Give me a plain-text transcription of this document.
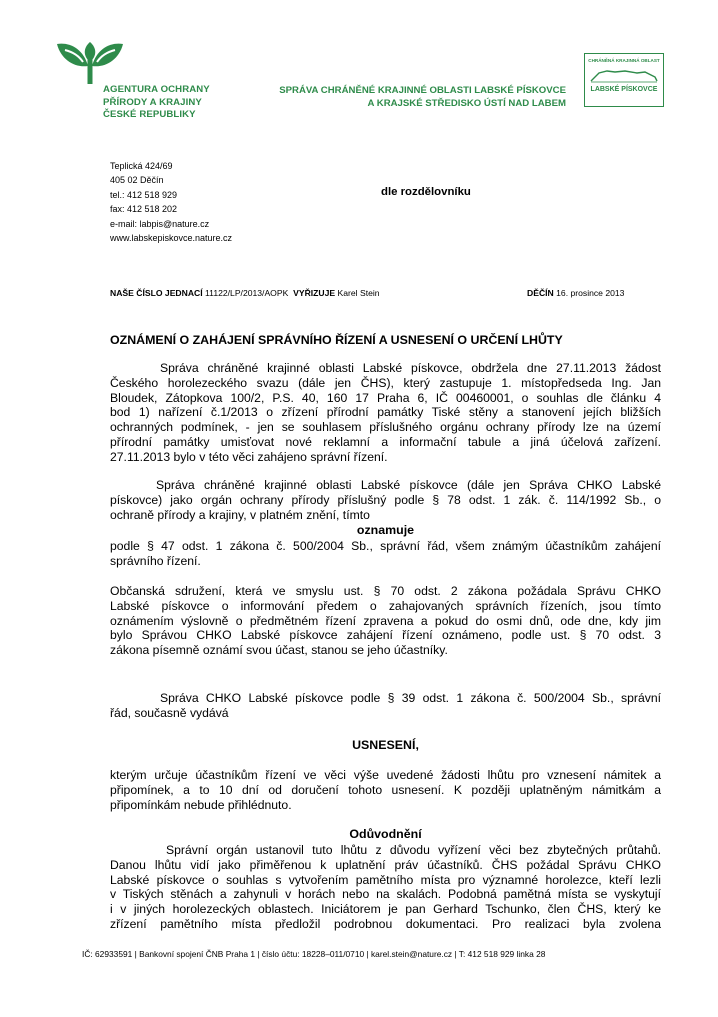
AGENTURA OCHRANY
PŘÍRODY A KRAJINY
ČESKÉ REPUBLIKY
SPRÁVA CHRÁNĚNÉ KRAJINNÉ OBLASTI LABSKÉ PÍSKOVCE
A KRAJSKÉ STŘEDISKO ÚSTÍ NAD LABEM
CHRÁNĚNÁ KRAJINNÁ OBLAST
LABSKÉ PÍSKOVCE
Teplická 424/69
405 02 Děčín
tel.: 412 518 929
fax: 412 518 202
e-mail: labpis@nature.cz
www.labskepiskovce.nature.cz
dle rozdělovníku
NAŠE ČÍSLO JEDNACÍ 11122/LP/2013/AOPK VYŘIZUJE Karel Stein	DĚČÍN 16. prosince 2013
OZNÁMENÍ O ZAHÁJENÍ SPRÁVNÍHO ŘÍZENÍ A USNESENÍ O URČENÍ LHŮTY
Správa chráněné krajinné oblasti Labské pískovce, obdržela dne 27.11.2013 žádost
Českého horolezeckého svazu (dále jen ČHS), který zastupuje 1. místopředseda Ing. Jan
Bloudek, Zátopkova 100/2, P.S. 40, 160 17 Praha 6, IČ 00460001, o souhlas dle článku 4
bod 1) nařízení č.1/2013 o zřízení přírodní památky Tiské stěny a stanovení jejích bližších
ochranných podmínek, - jen se souhlasem příslušného orgánu ochrany přírody lze na území
přírodní památky umisťovat nové reklamní a informační tabule a jiná účelová zařízení.
27.11.2013 bylo v této věci zahájeno správní řízení.
Správa chráněné krajinné oblasti Labské pískovce (dále jen Správa CHKO Labské
pískovce) jako orgán ochrany přírody příslušný podle § 78 odst. 1 zák. č. 114/1992 Sb., o
ochraně přírody a krajiny, v platném znění, tímto
oznamuje
podle § 47 odst. 1 zákona č. 500/2004 Sb., správní řád, všem známým účastníkům zahájení
správního řízení.
Občanská sdružení, která ve smyslu ust. § 70 odst. 2 zákona požádala Správu CHKO
Labské pískovce o informování předem o zahajovaných správních řízeních, jsou tímto
oznámením výslovně o předmětném řízení zpravena a pokud do osmi dnů, ode dne, kdy jim
bylo Správou CHKO Labské pískovce zahájení řízení oznámeno, podle ust. § 70 odst. 3
zákona písemně oznámí svou účast, stanou se jeho účastníky.
Správa CHKO Labské pískovce podle § 39 odst. 1 zákona č. 500/2004 Sb., správní
řád, současně vydává
USNESENÍ,
kterým určuje účastníkům řízení ve věci výše uvedené žádosti lhůtu pro vznesení námitek a
připomínek, a to 10 dní od doručení tohoto usnesení. K později uplatněným námitkám a
připomínkám nebude přihlédnuto.
Odůvodnění
Správní orgán ustanovil tuto lhůtu z důvodu vyřízení věci bez zbytečných průtahů.
Danou lhůtu vidí jako přiměřenou k uplatnění práv účastníků. ČHS požádal Správu CHKO
Labské pískovce o souhlas s vytvořením pamětního místa pro významné horolezce, kteří lezli
v Tiských stěnách a zahynuli v horách nebo na skalách. Podobná pamětná místa se vyskytují
i v jiných horolezeckých oblastech. Iniciátorem je pan Gerhard Tschunko, člen ČHS, který ke
zřízení pamětního místa předložil podrobnou dokumentaci. Pro realizaci byla zvolena
IČ: 62933591 | Bankovní spojení ČNB Praha 1 | číslo účtu: 18228–011/0710 | karel.stein@nature.cz | T: 412 518 929 linka 28
